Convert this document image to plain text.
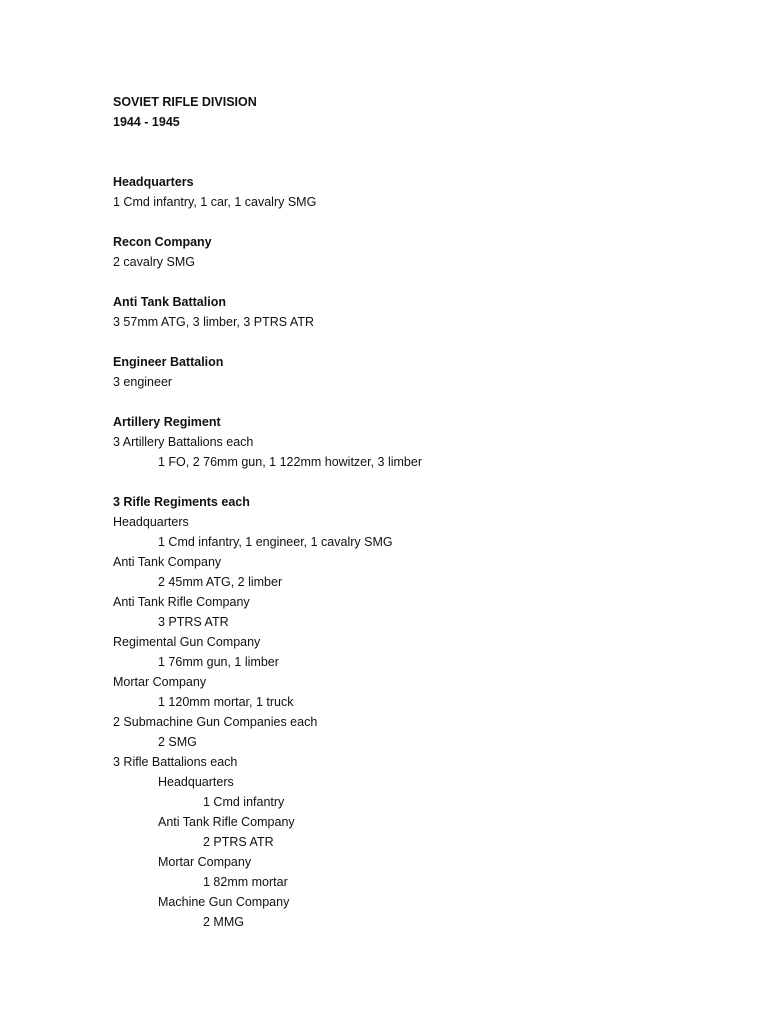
SOVIET RIFLE DIVISION
1944 - 1945
Headquarters
1 Cmd infantry, 1 car, 1 cavalry SMG
Recon Company
2 cavalry SMG
Anti Tank Battalion
3 57mm ATG, 3 limber, 3 PTRS ATR
Engineer Battalion
3 engineer
Artillery Regiment
3 Artillery Battalions each
1 FO, 2 76mm gun, 1 122mm howitzer, 3 limber
3 Rifle Regiments each
Headquarters
1 Cmd infantry, 1 engineer, 1 cavalry SMG
Anti Tank Company
2 45mm ATG, 2 limber
Anti Tank Rifle Company
3 PTRS ATR
Regimental Gun Company
1 76mm gun, 1 limber
Mortar Company
1 120mm mortar, 1 truck
2 Submachine Gun Companies each
2 SMG
3 Rifle Battalions each
Headquarters
1 Cmd infantry
Anti Tank Rifle Company
2 PTRS ATR
Mortar Company
1 82mm mortar
Machine Gun Company
2 MMG
